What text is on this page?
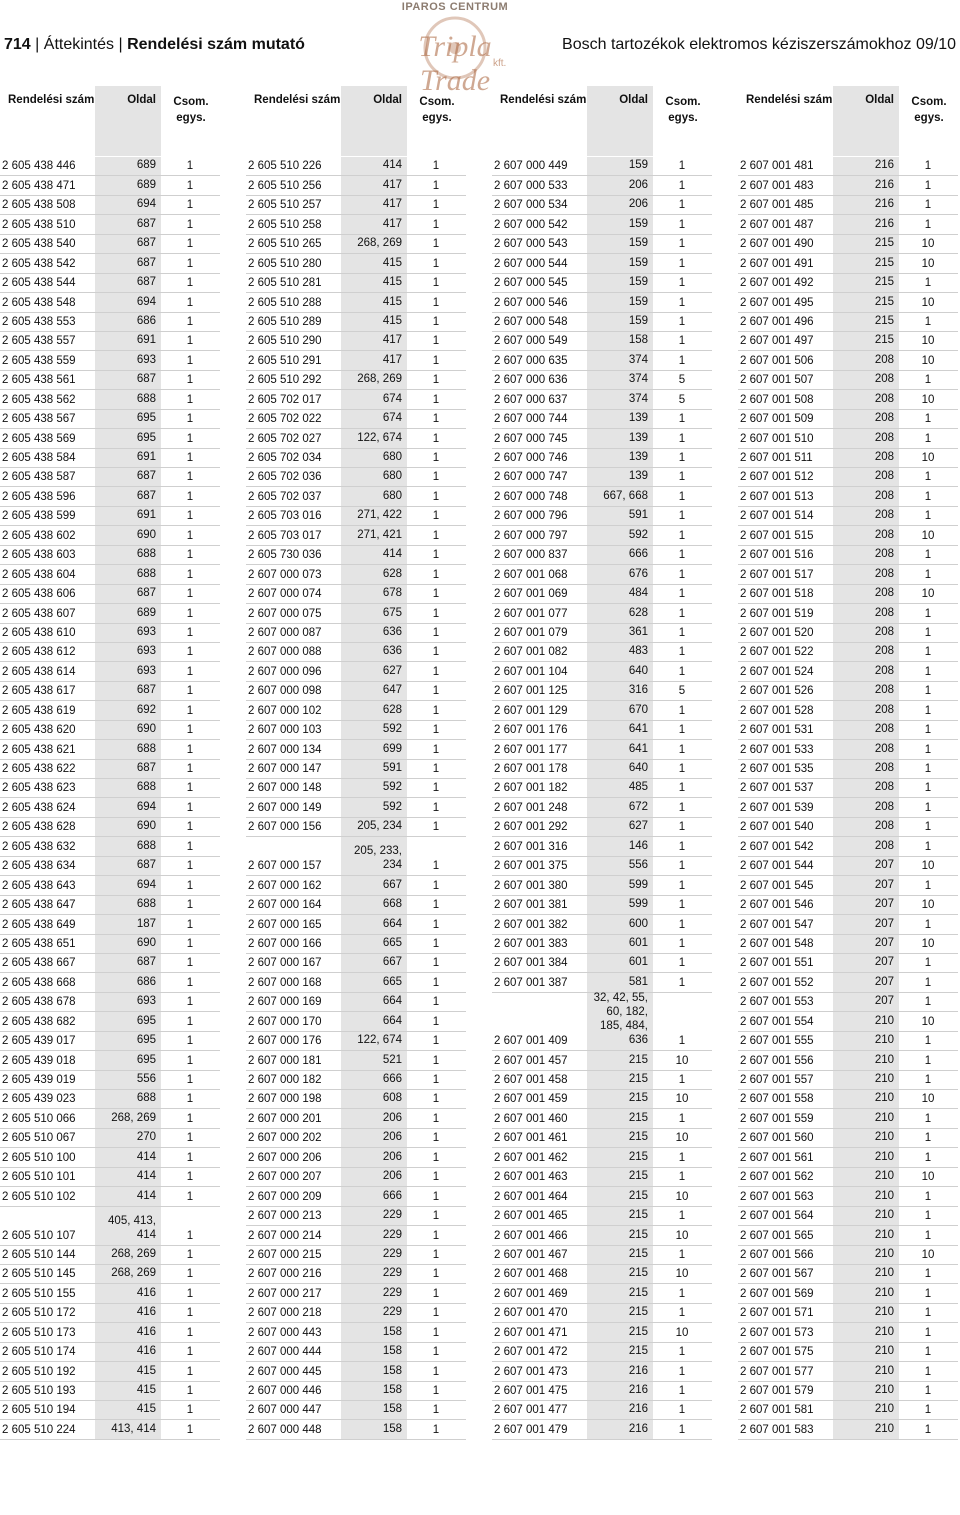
714 | Áttekintés | Rendelési szám mutató
IPAROS CENTRUM
Tripla Trade
kft.
Bosch tartozékok elektromos kéziszerszámokhoz 09/10
Rendelési szám	Oldal	Csom. egys.
2 605 438 446	689	1
2 605 438 471	689	1
2 605 438 508	694	1
2 605 438 510	687	1
2 605 438 540	687	1
2 605 438 542	687	1
2 605 438 544	687	1
2 605 438 548	694	1
2 605 438 553	686	1
2 605 438 557	691	1
2 605 438 559	693	1
2 605 438 561	687	1
2 605 438 562	688	1
2 605 438 567	695	1
2 605 438 569	695	1
2 605 438 584	691	1
2 605 438 587	687	1
2 605 438 596	687	1
2 605 438 599	691	1
2 605 438 602	690	1
2 605 438 603	688	1
2 605 438 604	688	1
2 605 438 606	687	1
2 605 438 607	689	1
2 605 438 610	693	1
2 605 438 612	693	1
2 605 438 614	693	1
2 605 438 617	687	1
2 605 438 619	692	1
2 605 438 620	690	1
2 605 438 621	688	1
2 605 438 622	687	1
2 605 438 623	688	1
2 605 438 624	694	1
2 605 438 628	690	1
2 605 438 632	688	1
2 605 438 634	687	1
2 605 438 643	694	1
2 605 438 647	688	1
2 605 438 649	187	1
2 605 438 651	690	1
2 605 438 667	687	1
2 605 438 668	686	1
2 605 438 678	693	1
2 605 438 682	695	1
2 605 439 017	695	1
2 605 439 018	695	1
2 605 439 019	556	1
2 605 439 023	688	1
2 605 510 066	268, 269	1
2 605 510 067	270	1
2 605 510 100	414	1
2 605 510 101	414	1
2 605 510 102	414	1
2 605 510 107
405, 413,
414	1
2 605 510 144	268, 269	1
2 605 510 145	268, 269	1
2 605 510 155	416	1
2 605 510 172	416	1
2 605 510 173	416	1
2 605 510 174	416	1
2 605 510 192	415	1
2 605 510 193	415	1
2 605 510 194	415	1
2 605 510 224	413, 414	1
Rendelési szám	Oldal	Csom. egys.
2 605 510 226	414	1
2 605 510 256	417	1
2 605 510 257	417	1
2 605 510 258	417	1
2 605 510 265	268, 269	1
2 605 510 280	415	1
2 605 510 281	415	1
2 605 510 288	415	1
2 605 510 289	415	1
2 605 510 290	417	1
2 605 510 291	417	1
2 605 510 292	268, 269	1
2 605 702 017	674	1
2 605 702 022	674	1
2 605 702 027	122, 674	1
2 605 702 034	680	1
2 605 702 036	680	1
2 605 702 037	680	1
2 605 703 016	271, 422	1
2 605 703 017	271, 421	1
2 605 730 036	414	1
2 607 000 073	628	1
2 607 000 074	678	1
2 607 000 075	675	1
2 607 000 087	636	1
2 607 000 088	636	1
2 607 000 096	627	1
2 607 000 098	647	1
2 607 000 102	628	1
2 607 000 103	592	1
2 607 000 134	699	1
2 607 000 147	591	1
2 607 000 148	592	1
2 607 000 149	592	1
2 607 000 156	205, 234	1
2 607 000 157
205, 233,
234	1
2 607 000 162	667	1
2 607 000 164	668	1
2 607 000 165	664	1
2 607 000 166	665	1
2 607 000 167	667	1
2 607 000 168	665	1
2 607 000 169	664	1
2 607 000 170	664	1
2 607 000 176	122, 674	1
2 607 000 181	521	1
2 607 000 182	666	1
2 607 000 198	608	1
2 607 000 201	206	1
2 607 000 202	206	1
2 607 000 206	206	1
2 607 000 207	206	1
2 607 000 209	666	1
2 607 000 213	229	1
2 607 000 214	229	1
2 607 000 215	229	1
2 607 000 216	229	1
2 607 000 217	229	1
2 607 000 218	229	1
2 607 000 443	158	1
2 607 000 444	158	1
2 607 000 445	158	1
2 607 000 446	158	1
2 607 000 447	158	1
2 607 000 448	158	1
Rendelési szám	Oldal	Csom. egys.
2 607 000 449	159	1
2 607 000 533	206	1
2 607 000 534	206	1
2 607 000 542	159	1
2 607 000 543	159	1
2 607 000 544	159	1
2 607 000 545	159	1
2 607 000 546	159	1
2 607 000 548	159	1
2 607 000 549	158	1
2 607 000 635	374	1
2 607 000 636	374	5
2 607 000 637	374	5
2 607 000 744	139	1
2 607 000 745	139	1
2 607 000 746	139	1
2 607 000 747	139	1
2 607 000 748	667, 668	1
2 607 000 796	591	1
2 607 000 797	592	1
2 607 000 837	666	1
2 607 001 068	676	1
2 607 001 069	484	1
2 607 001 077	628	1
2 607 001 079	361	1
2 607 001 082	483	1
2 607 001 104	640	1
2 607 001 125	316	5
2 607 001 129	670	1
2 607 001 176	641	1
2 607 001 177	641	1
2 607 001 178	640	1
2 607 001 182	485	1
2 607 001 248	672	1
2 607 001 292	627	1
2 607 001 316	146	1
2 607 001 375	556	1
2 607 001 380	599	1
2 607 001 381	599	1
2 607 001 382	600	1
2 607 001 383	601	1
2 607 001 384	601	1
2 607 001 387	581	1
2 607 001 409
32, 42, 55,
60, 182,
185, 484,
636	1
2 607 001 457	215	10
2 607 001 458	215	1
2 607 001 459	215	10
2 607 001 460	215	1
2 607 001 461	215	10
2 607 001 462	215	1
2 607 001 463	215	1
2 607 001 464	215	10
2 607 001 465	215	1
2 607 001 466	215	10
2 607 001 467	215	1
2 607 001 468	215	10
2 607 001 469	215	1
2 607 001 470	215	1
2 607 001 471	215	10
2 607 001 472	215	1
2 607 001 473	216	1
2 607 001 475	216	1
2 607 001 477	216	1
2 607 001 479	216	1
Rendelési szám	Oldal	Csom. egys.
2 607 001 481	216	1
2 607 001 483	216	1
2 607 001 485	216	1
2 607 001 487	216	1
2 607 001 490	215	10
2 607 001 491	215	10
2 607 001 492	215	1
2 607 001 495	215	10
2 607 001 496	215	1
2 607 001 497	215	10
2 607 001 506	208	10
2 607 001 507	208	1
2 607 001 508	208	10
2 607 001 509	208	1
2 607 001 510	208	1
2 607 001 511	208	10
2 607 001 512	208	1
2 607 001 513	208	1
2 607 001 514	208	1
2 607 001 515	208	10
2 607 001 516	208	1
2 607 001 517	208	1
2 607 001 518	208	10
2 607 001 519	208	1
2 607 001 520	208	1
2 607 001 522	208	1
2 607 001 524	208	1
2 607 001 526	208	1
2 607 001 528	208	1
2 607 001 531	208	1
2 607 001 533	208	1
2 607 001 535	208	1
2 607 001 537	208	1
2 607 001 539	208	1
2 607 001 540	208	1
2 607 001 542	208	1
2 607 001 544	207	10
2 607 001 545	207	1
2 607 001 546	207	10
2 607 001 547	207	1
2 607 001 548	207	10
2 607 001 551	207	1
2 607 001 552	207	1
2 607 001 553	207	1
2 607 001 554	210	10
2 607 001 555	210	1
2 607 001 556	210	1
2 607 001 557	210	1
2 607 001 558	210	10
2 607 001 559	210	1
2 607 001 560	210	1
2 607 001 561	210	1
2 607 001 562	210	10
2 607 001 563	210	1
2 607 001 564	210	1
2 607 001 565	210	1
2 607 001 566	210	10
2 607 001 567	210	1
2 607 001 569	210	1
2 607 001 571	210	1
2 607 001 573	210	1
2 607 001 575	210	1
2 607 001 577	210	1
2 607 001 579	210	1
2 607 001 581	210	1
2 607 001 583	210	1
